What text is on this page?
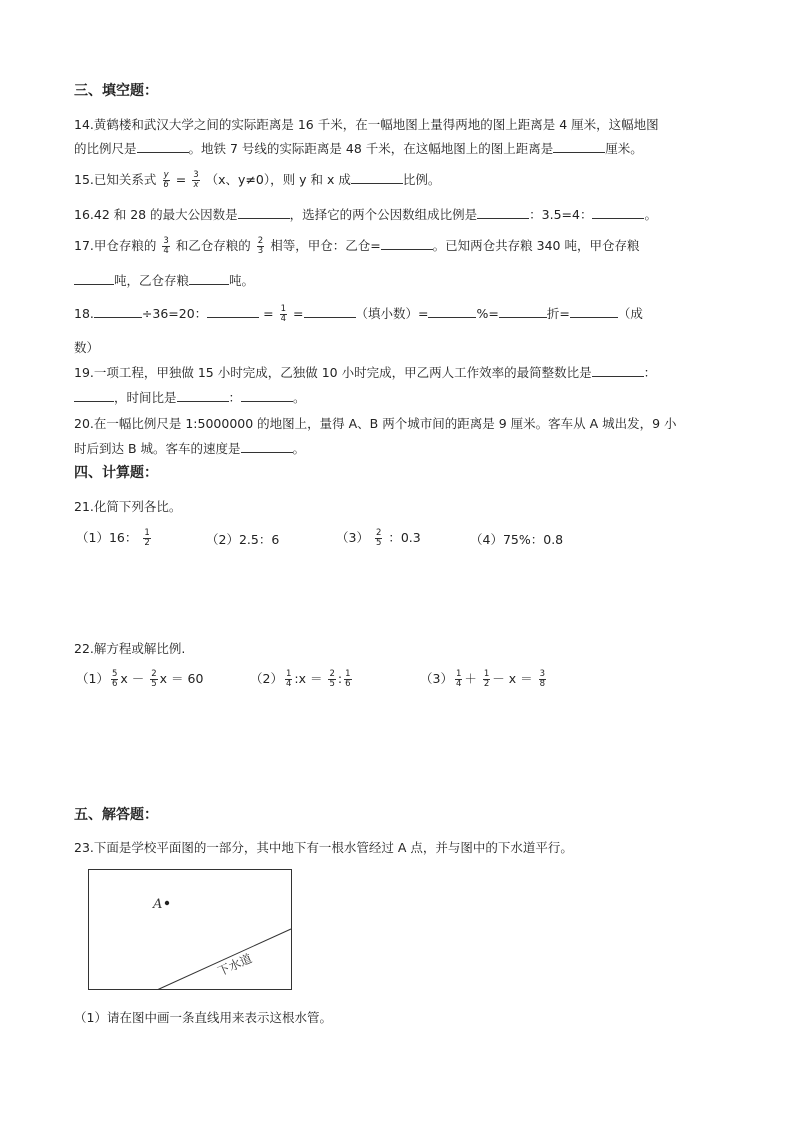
三、填空题：
14.黄鹤楼和武汉大学之间的实际距离是 16 千米，在一幅地图上量得两地的图上距离是 4 厘米，这幅地图
的比例尺是	。地铁 7 号线的实际距离是 48 千米，在这幅地图上的图上距离是	厘米。
15.已知关系式 $\frac{y}{6} = \frac{3}{x} (x$、y≠0），则 y 和 x 成	比例。
16.42 和 28 的最大公因数是	，选择它的两个公因数组成比例是	：3.5=4：	。
17.甲仓存粮的 $\frac{3}{4}$ 和乙仓存粮的 $\frac{2}{3}$ 相等，甲仓：乙仓=	。已知两仓共存粮 340 吨，甲仓存粮
吨，乙仓存粮	吨。
18.	÷36=20：	= $\frac{1}{4}$ =	（填小数）=	%=	折=	（成
数）
19.一项工程，甲独做 15 小时完成，乙独做 10 小时完成，甲乙两人工作效率的最简整数比是	：
，时间比是	：	。
20.在一幅比例尺是 1:5000000 的地图上，量得 A、B 两个城市间的距离是 9 厘米。客车从 A 城出发，9 小
时后到达 B 城。客车的速度是	。
四、计算题：
21.化简下列各比。
（1）16： $\frac{1}{2}$	（2）2.5：6	$(3) \frac{2}{5}$ ：0.3	（4）75%：0.8
22.解方程或解比例.
$(1) \frac{5}{6}$ $x - \frac{2}{5}$ x ＝ 60	$(2) \frac{1}{4}$ :x ＝ $\frac{2}{5}$ : $\frac{1}{6}$	$(3) \frac{1}{4} + \frac{1}{2} - x = \frac{3}{8}$
五、解答题：
23.下面是学校平面图的一部分，其中地下有一根水管经过 A 点，并与图中的下水道平行。
A
下水道
（1）请在图中画一条直线用来表示这根水管。
